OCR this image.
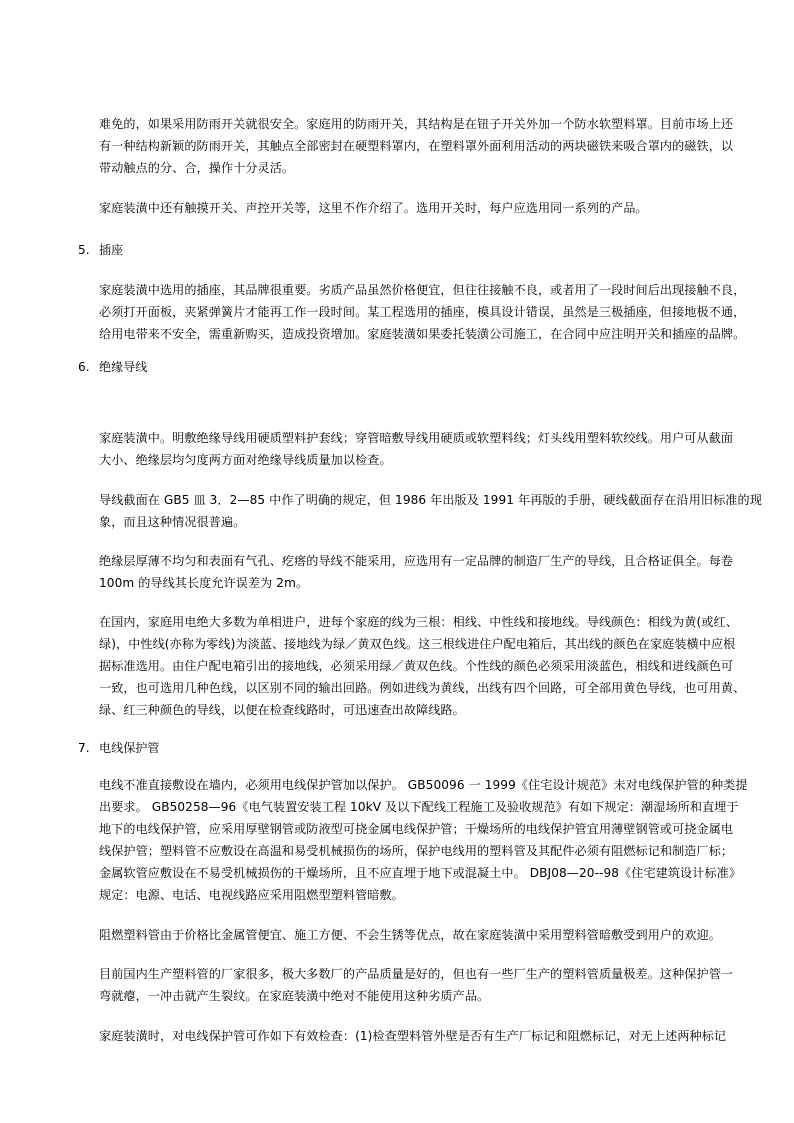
难免的，如果采用防雨开关就很安全。家庭用的防雨开关，其结构是在钮子开关外加一个防水软塑料罩。目前市场上还
有一种结构新颖的防雨开关，其触点全部密封在硬塑料罩内，在塑料罩外面利用活动的两块磁铁来吸合罩内的磁铁，以
带动触点的分、合，操作十分灵活。

家庭装潢中还有触摸开关、声控开关等，这里不作介绍了。选用开关时，每户应选用同一系列的产品。

5. 插座

家庭装潢中选用的插座，其品牌很重要。劣质产品虽然价格便宜，但往往接触不良，或者用了一段时间后出现接触不良，
必须打开面板，夹紧弹簧片才能再工作一段时间。某工程选用的插座，模具设计错误，虽然是三极插座，但接地极不通，
给用电带来不安全，需重新购买，造成投资增加。家庭装潢如果委托装潢公司施工，在合同中应注明开关和插座的品牌。

6. 绝缘导线

家庭装潢中。明敷绝缘导线用硬质塑料护套线；穿管暗敷导线用硬质或软塑料线；灯头线用塑料软绞线。用户可从截面
大小、绝缘层均匀度两方面对绝缘导线质量加以检查。

导线截面在 GB5 皿 3．2—85 中作了明确的规定，但 1986 年出版及 1991 年再版的手册，硬线截面存在沿用旧标准的现
象，而且这种情况很普遍。

绝缘层厚薄不均匀和表面有气孔、疙瘩的导线不能采用，应选用有一定品牌的制造厂生产的导线，且合格证俱全。每卷
100m 的导线其长度允许误差为 2m。

在国内，家庭用电绝大多数为单相进户，进每个家庭的线为三根：相线、中性线和接地线。导线颜色：相线为黄(或红、
绿)，中性线(亦称为零线)为淡蓝、接地线为绿／黄双色线。这三根线进住户配电箱后，其出线的颜色在家庭装横中应根
据标准选用。由住户配电箱引出的接地线，必须采用绿／黄双色线。个性线的颜色必须采用淡蓝色，相线和进线颜色可
一致，也可选用几种色线，以区别不同的输出回路。例如进线为黄线，出线有四个回路，可全部用黄色导线，也可用黄、
绿、红三种颜色的导线，以便在检查线路时，可迅速查出故障线路。

7. 电线保护管

电线不准直接敷设在墙内，必须用电线保护管加以保护。 GB50096 一 1999《住宅设计规范》未对电线保护管的种类提
出要求。 GB50258—96《电气装置安装工程 10kV 及以下配线工程施工及验收规范》有如下规定：潮湿场所和直埋于
地下的电线保护管，应采用厚壁钢管或防液型可挠金属电线保护管；干燥场所的电线保护管宜用薄壁钢管或可挠金属电
线保护管；塑料管不应敷设在高温和易受机械损伤的场所，保护电线用的塑料管及其配件必须有阻燃标记和制造厂标；
金属软管应敷设在不易受机械损伤的干燥场所，且不应直埋于地下或混凝土中。 DBJ08—20--98《住宅建筑设计标准》
规定：电源、电话、电视线路应采用阻燃型塑料管暗敷。

阻燃塑料管由于价格比金属管便宜、施工方便、不会生锈等优点，故在家庭装潢中采用塑料管暗敷受到用户的欢迎。

目前国内生产塑料管的厂家很多，极大多数厂的产品质量是好的，但也有一些厂生产的塑料管质量极差。这种保护管一
弯就瘪，一冲击就产生裂纹。在家庭装潢中绝对不能使用这种劣质产品。

家庭装潢时，对电线保护管可作如下有效检查：(1)检查塑料管外壁是否有生产厂标记和阻燃标记，对无上述两种标记
